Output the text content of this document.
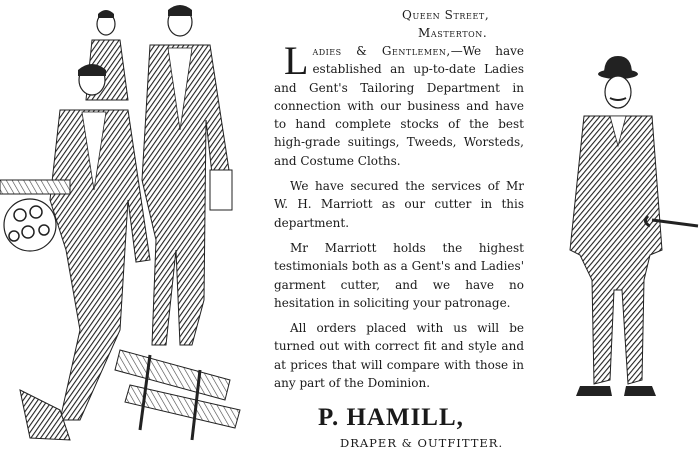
Queen Street,
Masterton.

Ladies & Gentlemen,—We have established an up-to-date Ladies and Gent's Tailoring Department in connection with our business and have to hand complete stocks of the best high-grade suitings, Tweeds, Worsteds, and Costume Cloths.

We have secured the services of Mr W. H. Marriott as our cutter in this department.

Mr Marriott holds the highest testimonials both as a Gent's and Ladies' garment cutter, and we have no hesitation in soliciting your patronage.

All orders placed with us will be turned out with correct fit and style and at prices that will compare with those in any part of the Dominion.

P. HAMILL,
DRAPER & OUTFITTER.
